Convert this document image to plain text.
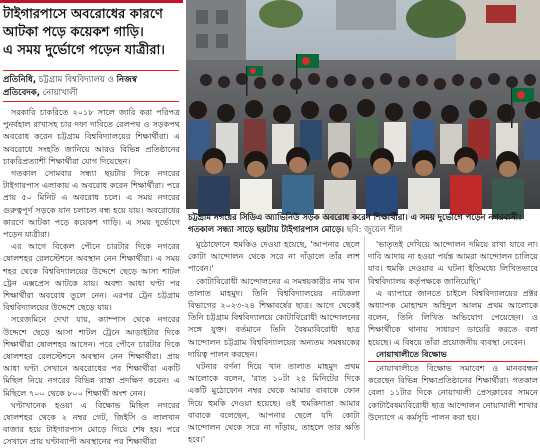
টাইগারপাসে অবরোধের কারণে
আটকা পড়ে কয়েকশ গাড়ি।
এ সময় দুর্ভোগে পড়েন যাত্রীরা।
প্রতিনিধি, চট্টগ্রাম বিশ্ববিদ্যালয় ও নিজস্ব
প্রতিবেদক, নোয়াখালী

সরকারি চাকরিতে ২০১৮ সালে জারি করা পরিপত্র পুনর্বহাল রাখাসহ চার দফা দাবিতে রেলপথ ও সড়কপথ অবরোধ করেন চট্টগ্রাম বিশ্ববিদ্যালয়ের শিক্ষার্থীরা। এ অবরোধে সংহতি জানিয়ে আরও বিভিন্ন প্রতিষ্ঠানের চাকরিপ্রত্যাশী শিক্ষার্থীরা যোগ দিয়েছেন।

গতকাল সোমবার সন্ধ্যা ছয়টার দিকে নগরের টাইগারপাস এলাকায় এ অবরোধ করেন শিক্ষার্থীরা। পরে প্রায় ৫০ মিনিট এ অবরোধ চলে। এ সময় নগরের গুরুত্বপূর্ণ সড়কে যান চলাচল বন্ধ হয়ে যায়। অবরোধের কারণে আটকা পড়ে কয়েকশ গাড়ি। এ সময় দুর্ভোগে পড়েন যাত্রীরা।

এর আগে বিকেল পৌনে চারটার দিকে নগরের ষোলশহর রেলস্টেশনে অবস্থান নেন শিক্ষার্থীরা। এ সময় শহর থেকে বিশ্ববিদ্যালয়ের উদ্দেশে ছেড়ে আসা শাটল ট্রেন এক্সপ্রেস আটকে যায়। অবশ্য আধা ঘণ্টা পর শিক্ষার্থীরা অবরোধ তুলে নেন। এরপর ট্রেন চট্টগ্রাম বিশ্ববিদ্যালয়ের উদ্দেশে ছেড়ে যায়।

সরেজমিনে দেখা যায়, ক্যাম্পাস থেকে নগরের উদ্দেশে ছেড়ে আসা শাটল ট্রেনে আড়াইটার দিকে শিক্ষার্থীরা ষোলশহর আসেন। পরে পৌনে চারটার দিকে ষোলশহর রেলস্টেশনে অবস্থান নেন শিক্ষার্থীরা। প্রায় আধা ঘণ্টা সেখানে অবরোধের পর শিক্ষার্থীরা একটি মিছিল নিয়ে নগরের বিভিন্ন রাস্তা প্রদক্ষিণ করেন। এ মিছিলে ৭০০ থেকে ৮০০ শিক্ষার্থী অংশ নেন।

ঘণ্টাখানেক হওয়া এ বিক্ষোভ মিছিল নগরের ষোলশহর থেকে ২ নম্বর গেট, জিইসি ও লালখান বাজার হয়ে টাইগারপাস মোড়ে গিয়ে শেষ হয়। পরে সেখানে প্রায় ঘণ্টাব্যাপী অবস্থানের পর শিক্ষার্থীরা

চট্টগ্রাম নগরের সিডিএ অ্যাভিনিউ সড়ক অবরোধ করেন শিক্ষার্থীরা। এ সময় দুর্ভোগে পড়েন নগরবাসী। গতকাল সন্ধ্যা সাড়ে ছয়টায় টাইগারপাস মোড়ে। ছবি: জুয়েল শীল

মুঠোফোনে হুমকিও দেওয়া হয়েছে, 'আপনার ছেলে কোটা আন্দোলন থেকে সরে না দাঁড়ালে তাঁর লাশ পাবেন।'

কোটাবিরোধী আন্দোলনের এ সমন্বয়কারীর নাম খান তালাত মাহমুদ। তিনি বিশ্ববিদ্যালয়ের নাট্যকলা বিভাগের ২০২৩-২৪ শিক্ষাবর্ষের ছাত্র। আগে থেকেই তিনি চট্টগ্রাম বিশ্ববিদ্যালয়ে কোটাবিরোধী আন্দোলনের সঙ্গে যুক্ত। বর্তমানে তিনি বৈষম্যবিরোধী ছাত্র আন্দোলন চট্টগ্রাম বিশ্ববিদ্যালয়ের অন্যতম সমন্বয়কের দায়িত্ব পালন করছেন।

ঘটনার বর্ণনা দিয়ে খান তালাত মাহমুদ প্রথম আলোকে বলেন, 'রাত ১০টা ২৫ মিনিটের দিকে একটি মুঠোফোন নম্বর থেকে আমার বাবাকে ফোন দিয়ে হুমকি দেওয়া হয়েছে। ওই হুমকিদাতা আমার বাবাকে বলেছেন, আপনার ছেলে যদি কোটা আন্দোলন থেকে সরে না দাঁড়ায়, তাহলে তার ক্ষতি হবে।'

'ভাতৃতই দেখিয়ে আন্দোলন দমিয়ে রাখা যাবে না। দাবি আদায় না হওয়া পর্যন্ত আমরা আন্দোলন চালিয়ে যাব। হুমকি দেওয়ার এ ঘটনা ইতিমধ্যে লিখিতভাবে বিশ্ববিদ্যালয় কর্তৃপক্ষকে জানিয়েছি।'

এ ব্যাপারে জানতে চাইলে বিশ্ববিদ্যালয়ের প্রক্টর অধ্যাপক মোহাম্মদ অহিদুল আলম প্রথম আলোকে বলেন, তিনি লিখিত অভিযোগ পেয়েছেন। ও শিক্ষার্থীকে থানায় সাধারণ ডায়েরি করতে বলা হয়েছে। এ বিষয়ে তাঁরা প্রয়োজনীয় ব্যবস্থা নেবেন।

নোয়াখালীতে বিক্ষোভ

নোয়াখালীতে বিক্ষোভ সমাবেশ ও মানববন্ধন করেছেন বিভিন্ন শিক্ষাপ্রতিষ্ঠানের শিক্ষার্থীরা। গতকাল বেলা ১১টার দিকে নোয়াখালী প্রেসক্লাবের সামনে কোটাবৈষম্যবিরোধী ছাত্র আন্দোলন নোয়াখালী শাখার উদ্যোগে এ কর্মসূচি পালন করা হয়।
